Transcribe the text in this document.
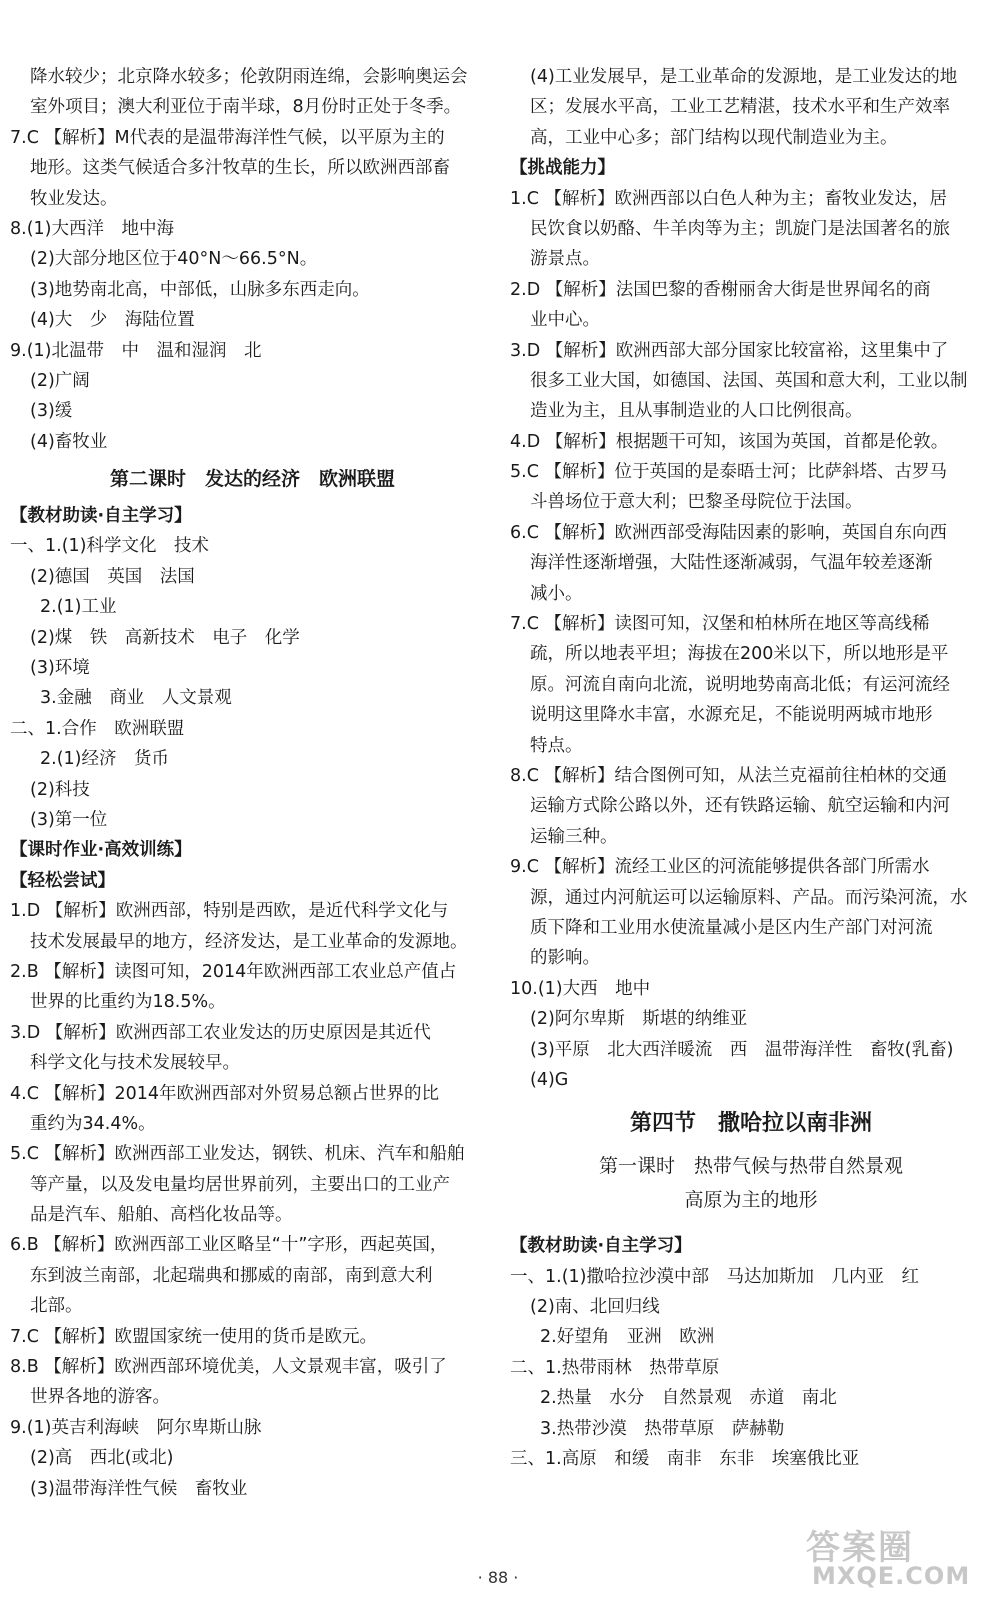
降水较少；北京降水较多；伦敦阴雨连绵，会影响奥运会
室外项目；澳大利亚位于南半球，8月份时正处于冬季。
7.C 【解析】M代表的是温带海洋性气候，以平原为主的
地形。这类气候适合多汁牧草的生长，所以欧洲西部畜
牧业发达。
8.(1)大西洋　地中海
(2)大部分地区位于40°N～66.5°N。
(3)地势南北高，中部低，山脉多东西走向。
(4)大　少　海陆位置
9.(1)北温带　中　温和湿润　北
(2)广阔
(3)缓
(4)畜牧业
第二课时　发达的经济　欧洲联盟
【教材助读·自主学习】
一、1.(1)科学文化　技术
(2)德国　英国　法国
2.(1)工业
(2)煤　铁　高新技术　电子　化学
(3)环境
3.金融　商业　人文景观
二、1.合作　欧洲联盟
2.(1)经济　货币
(2)科技
(3)第一位
【课时作业·高效训练】
【轻松尝试】
1.D 【解析】欧洲西部，特别是西欧，是近代科学文化与
技术发展最早的地方，经济发达，是工业革命的发源地。
2.B 【解析】读图可知，2014年欧洲西部工农业总产值占
世界的比重约为18.5%。
3.D 【解析】欧洲西部工农业发达的历史原因是其近代
科学文化与技术发展较早。
4.C 【解析】2014年欧洲西部对外贸易总额占世界的比
重约为34.4%。
5.C 【解析】欧洲西部工业发达，钢铁、机床、汽车和船舶
等产量，以及发电量均居世界前列，主要出口的工业产
品是汽车、船舶、高档化妆品等。
6.B 【解析】欧洲西部工业区略呈“十”字形，西起英国，
东到波兰南部，北起瑞典和挪威的南部，南到意大利
北部。
7.C 【解析】欧盟国家统一使用的货币是欧元。
8.B 【解析】欧洲西部环境优美，人文景观丰富，吸引了
世界各地的游客。
9.(1)英吉利海峡　阿尔卑斯山脉
(2)高　西北(或北)
(3)温带海洋性气候　畜牧业
(4)工业发展早，是工业革命的发源地，是工业发达的地
区；发展水平高，工业工艺精湛，技术水平和生产效率
高，工业中心多；部门结构以现代制造业为主。
【挑战能力】
1.C 【解析】欧洲西部以白色人种为主；畜牧业发达，居
民饮食以奶酪、牛羊肉等为主；凯旋门是法国著名的旅
游景点。
2.D 【解析】法国巴黎的香榭丽舍大街是世界闻名的商
业中心。
3.D 【解析】欧洲西部大部分国家比较富裕，这里集中了
很多工业大国，如德国、法国、英国和意大利，工业以制
造业为主，且从事制造业的人口比例很高。
4.D 【解析】根据题干可知，该国为英国，首都是伦敦。
5.C 【解析】位于英国的是泰晤士河；比萨斜塔、古罗马
斗兽场位于意大利；巴黎圣母院位于法国。
6.C 【解析】欧洲西部受海陆因素的影响，英国自东向西
海洋性逐渐增强，大陆性逐渐减弱，气温年较差逐渐
减小。
7.C 【解析】读图可知，汉堡和柏林所在地区等高线稀
疏，所以地表平坦；海拔在200米以下，所以地形是平
原。河流自南向北流，说明地势南高北低；有运河流经
说明这里降水丰富，水源充足，不能说明两城市地形
特点。
8.C 【解析】结合图例可知，从法兰克福前往柏林的交通
运输方式除公路以外，还有铁路运输、航空运输和内河
运输三种。
9.C 【解析】流经工业区的河流能够提供各部门所需水
源，通过内河航运可以运输原料、产品。而污染河流，水
质下降和工业用水使流量减小是区内生产部门对河流
的影响。
10.(1)大西　地中
(2)阿尔卑斯　斯堪的纳维亚
(3)平原　北大西洋暖流　西　温带海洋性　畜牧(乳畜)
(4)G
第四节　撒哈拉以南非洲
第一课时　热带气候与热带自然景观
高原为主的地形
【教材助读·自主学习】
一、1.(1)撒哈拉沙漠中部　马达加斯加　几内亚　红
(2)南、北回归线
2.好望角　亚洲　欧洲
二、1.热带雨林　热带草原
2.热量　水分　自然景观　赤道　南北
3.热带沙漠　热带草原　萨赫勒
三、1.高原　和缓　南非　东非　埃塞俄比亚
· 88 ·
答案圈
MXQE.COM
